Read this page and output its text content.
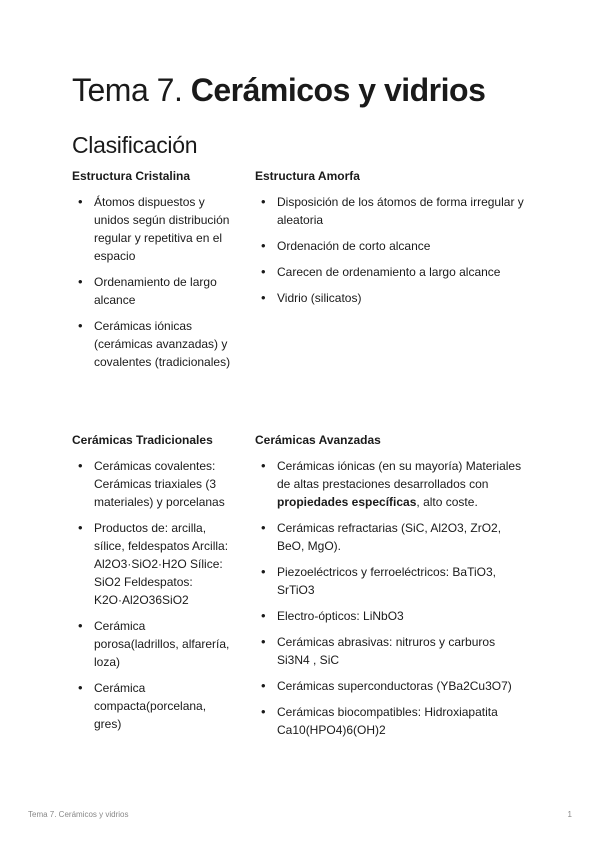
Tema 7. Cerámicos y vidrios
Clasificación

Estructura Cristalina

• Átomos dispuestos y unidos según distribución regular y repetitiva en el espacio
• Ordenamiento de largo alcance
• Cerámicas iónicas (cerámicas avanzadas) y covalentes (tradicionales)

Estructura Amorfa

• Disposición de los átomos de forma irregular y aleatoria
• Ordenación de corto alcance
• Carecen de ordenamiento a largo alcance
• Vidrio (silicatos)

Cerámicas Tradicionales

• Cerámicas covalentes: Cerámicas triaxiales (3 materiales) y porcelanas
• Productos de: arcilla, sílice, feldespatos Arcilla: Al2O3·SiO2·H2O Sílice: SiO2 Feldespatos: K2O·Al2O36SiO2
• Cerámica porosa(ladrillos, alfarería, loza)
• Cerámica compacta(porcelana, gres)

Cerámicas Avanzadas

• Cerámicas iónicas (en su mayoría) Materiales de altas prestaciones desarrollados con propiedades específicas, alto coste.
• Cerámicas refractarias (SiC, Al2O3, ZrO2, BeO, MgO).
• Piezoeléctricos y ferroeléctricos: BaTiO3, SrTiO3
• Electro-ópticos: LiNbO3
• Cerámicas abrasivas: nitruros y carburos Si3N4 , SiC
• Cerámicas superconductoras (YBa2Cu3O7)
• Cerámicas biocompatibles: Hidroxiapatita Ca10(HPO4)6(OH)2
Tema 7. Cerámicos y vidrios	1
